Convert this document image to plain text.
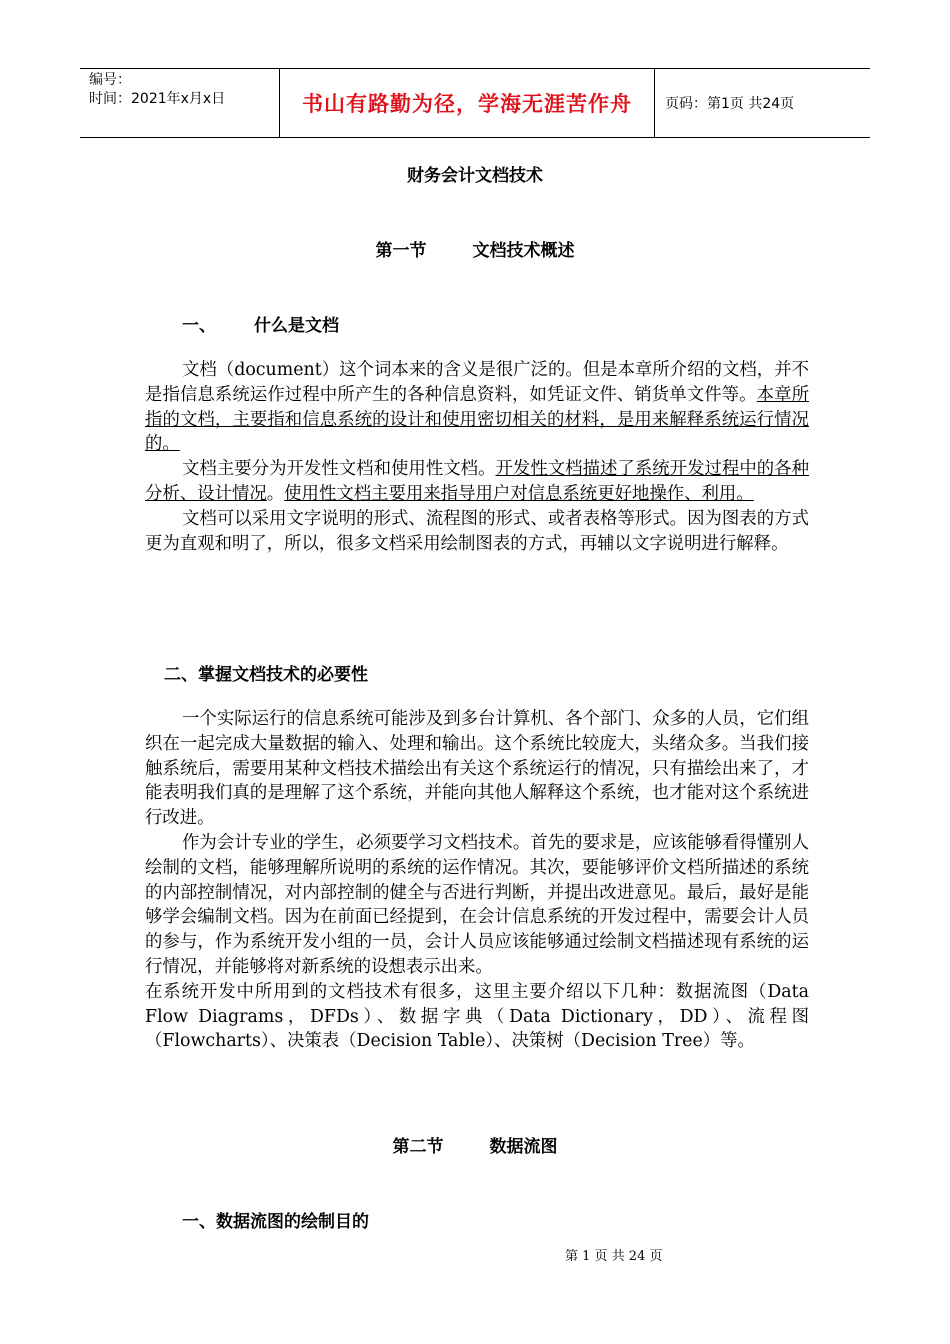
编号：
时间：2021年x月x日	书山有路勤为径，学海无涯苦作舟	页码：第1页 共24页
财务会计文档技术
第一节	文档技术概述
一、 什么是文档

文档（document）这个词本来的含义是很广泛的。但是本章所介绍的文档，并不是指信息系统运作过程中所产生的各种信息资料，如凭证文件、销货单文件等。本章所指的文档，主要指和信息系统的设计和使用密切相关的材料，是用来解释系统运行情况的。

文档主要分为开发性文档和使用性文档。开发性文档描述了系统开发过程中的各种分析、设计情况。使用性文档主要用来指导用户对信息系统更好地操作、利用。

文档可以采用文字说明的形式、流程图的形式、或者表格等形式。因为图表的方式更为直观和明了，所以，很多文档采用绘制图表的方式，再辅以文字说明进行解释。

二、掌握文档技术的必要性

一个实际运行的信息系统可能涉及到多台计算机、各个部门、众多的人员，它们组织在一起完成大量数据的输入、处理和输出。这个系统比较庞大，头绪众多。当我们接触系统后，需要用某种文档技术描绘出有关这个系统运行的情况，只有描绘出来了，才能表明我们真的是理解了这个系统，并能向其他人解释这个系统，也才能对这个系统进行改进。

作为会计专业的学生，必须要学习文档技术。首先的要求是，应该能够看得懂别人绘制的文档，能够理解所说明的系统的运作情况。其次，要能够评价文档所描述的系统的内部控制情况，对内部控制的健全与否进行判断，并提出改进意见。最后，最好是能够学会编制文档。因为在前面已经提到，在会计信息系统的开发过程中，需要会计人员的参与，作为系统开发小组的一员，会计人员应该能够通过绘制文档描述现有系统的运行情况，并能够将对新系统的设想表示出来。

在系统开发中所用到的文档技术有很多，这里主要介绍以下几种：数据流图（Data Flow Diagrams，DFDs）、数据字典（Data Dictionary，DD）、流程图（Flowcharts）、决策表（Decision Table）、决策树（Decision Tree）等。

第二节	数据流图
一、数据流图的绘制目的
第 1 页 共 24 页
